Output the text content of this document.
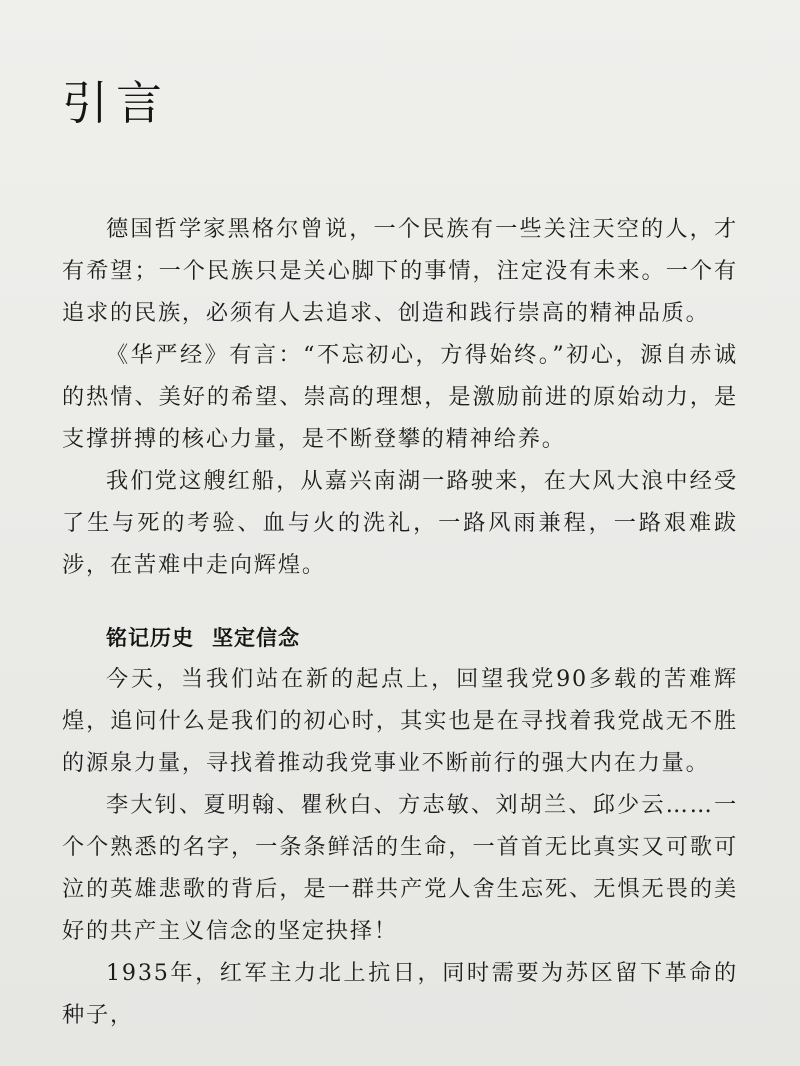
引言

德国哲学家黑格尔曾说，一个民族有一些关注天空的人，才有希望；一个民族只是关心脚下的事情，注定没有未来。一个有追求的民族，必须有人去追求、创造和践行崇高的精神品质。

《华严经》有言：“不忘初心，方得始终。”初心，源自赤诚的热情、美好的希望、崇高的理想，是激励前进的原始动力，是支撑拼搏的核心力量，是不断登攀的精神给养。

我们党这艘红船，从嘉兴南湖一路驶来，在大风大浪中经受了生与死的考验、血与火的洗礼，一路风雨兼程，一路艰难跋涉，在苦难中走向辉煌。

铭记历史 坚定信念

今天，当我们站在新的起点上，回望我党90多载的苦难辉煌，追问什么是我们的初心时，其实也是在寻找着我党战无不胜的源泉力量，寻找着推动我党事业不断前行的强大内在力量。

李大钊、夏明翰、瞿秋白、方志敏、刘胡兰、邱少云……一个个熟悉的名字，一条条鲜活的生命，一首首无比真实又可歌可泣的英雄悲歌的背后，是一群共产党人舍生忘死、无惧无畏的美好的共产主义信念的坚定抉择！

1935年，红军主力北上抗日，同时需要为苏区留下革命的种子，
